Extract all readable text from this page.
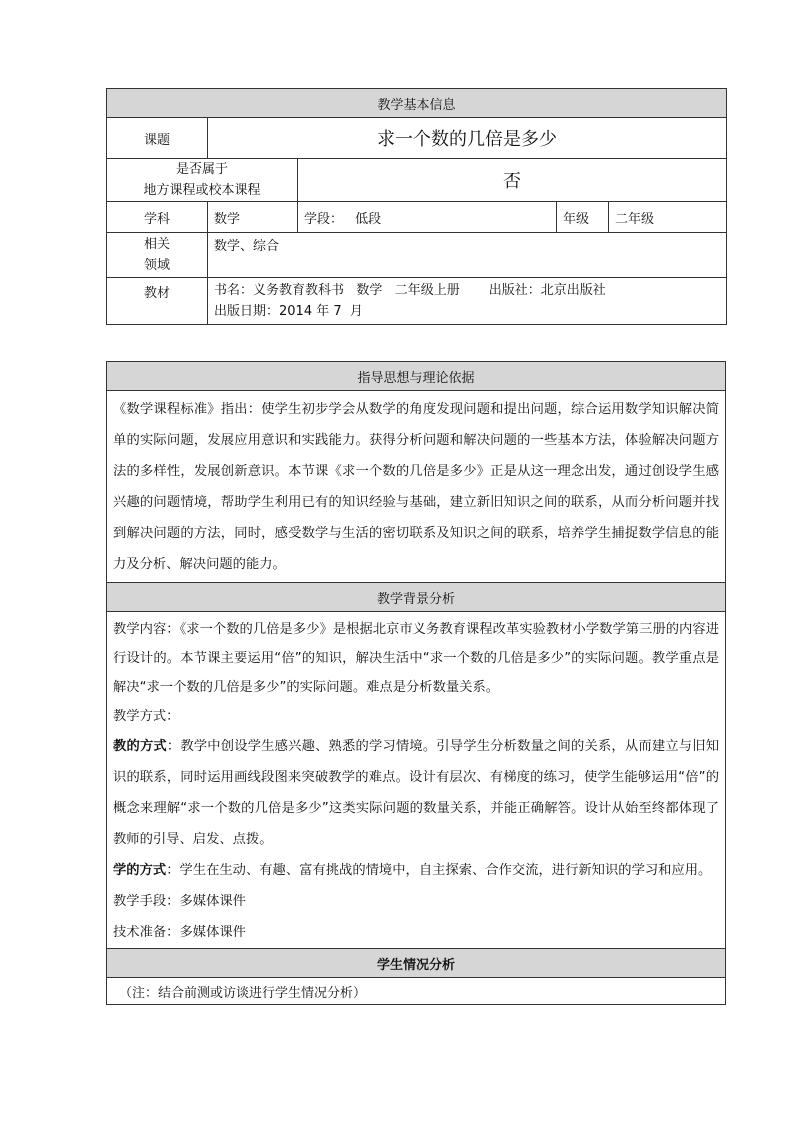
教学基本信息				
课题	求一个数的几倍是多少			

是否属于
地方课程或校本课程		否		
学科	数学	学段： 低段	年级	二年级

相关
领域	数学、综合			
教材	书名：义务教育教科书   数学   二年级上册       出版社：北京出版社
出版日期：2014 年 7  月			
指导思想与理论依据
《数学课程标准》指出：使学生初步学会从数学的角度发现问题和提出问题，综合运用数学知识解决简单的实际问题，发展应用意识和实践能力。获得分析问题和解决问题的一些基本方法，体验解决问题方法的多样性，发展创新意识。本节课《求一个数的几倍是多少》正是从这一理念出发，通过创设学生感兴趣的问题情境，帮助学生利用已有的知识经验与基础，建立新旧知识之间的联系，从而分析问题并找到解决问题的方法，同时，感受数学与生活的密切联系及知识之间的联系，培养学生捕捉数学信息的能力及分析、解决问题的能力。
教学背景分析

教学内容：《求一个数的几倍是多少》是根据北京市义务教育课程改革实验教材小学数学第三册的内容进行设计的。本节课主要运用“倍”的知识，解决生活中“求一个数的几倍是多少”的实际问题。教学重点是解决“求一个数的几倍是多少”的实际问题。难点是分析数量关系。

教学方式：

教的方式：教学中创设学生感兴趣、熟悉的学习情境。引导学生分析数量之间的关系，从而建立与旧知识的联系，同时运用画线段图来突破教学的难点。设计有层次、有梯度的练习，使学生能够运用“倍”的概念来理解“求一个数的几倍是多少”这类实际问题的数量关系，并能正确解答。设计从始至终都体现了教师的引导、启发、点拨。

学的方式：学生在生动、有趣、富有挑战的情境中，自主探索、合作交流，进行新知识的学习和应用。

教学手段：多媒体课件

技术准备：多媒体课件

学生情况分析
（注：结合前测或访谈进行学生情况分析）
